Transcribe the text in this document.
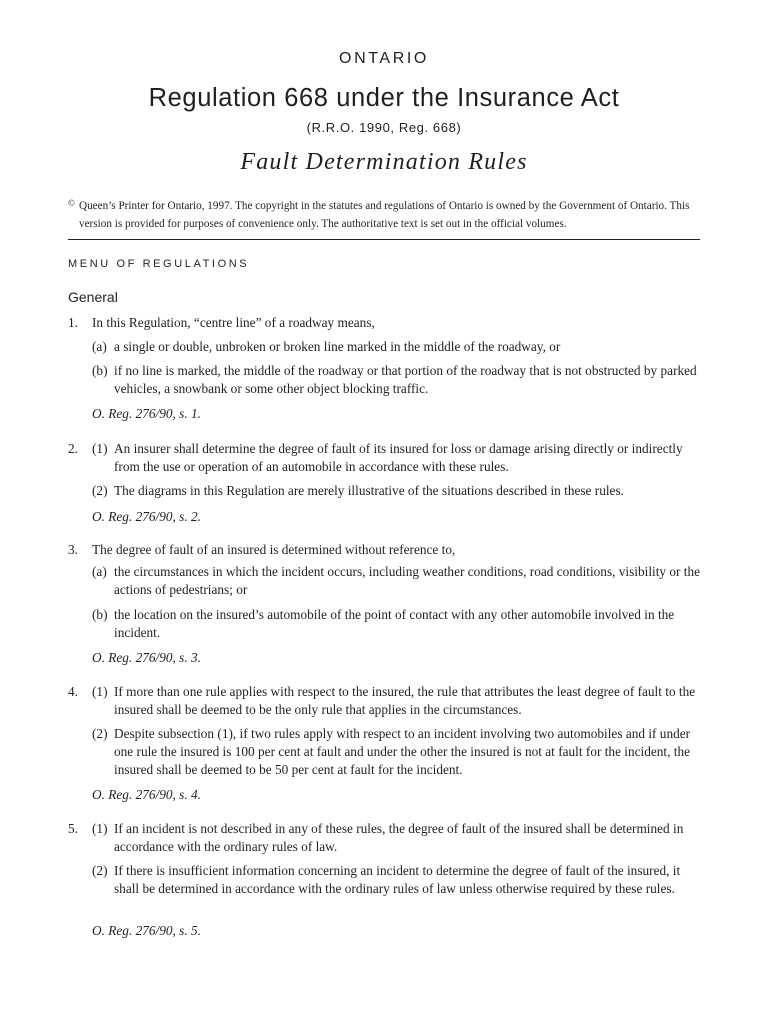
ONTARIO
Regulation 668 under the Insurance Act
(R.R.O. 1990, Reg. 668)
Fault Determination Rules
© Queen’s Printer for Ontario, 1997. The copyright in the statutes and regulations of Ontario is owned by the Government of Ontario. This version is provided for purposes of convenience only. The authoritative text is set out in the official volumes.
MENU OF REGULATIONS
General
1. In this Regulation, “centre line” of a roadway means,
(a) a single or double, unbroken or broken line marked in the middle of the roadway, or
(b) if no line is marked, the middle of the roadway or that portion of the roadway that is not obstructed by parked vehicles, a snowbank or some other object blocking traffic.
O. Reg. 276/90, s. 1.
2. (1) An insurer shall determine the degree of fault of its insured for loss or damage arising directly or indirectly from the use or operation of an automobile in accordance with these rules.
(2) The diagrams in this Regulation are merely illustrative of the situations described in these rules.
O. Reg. 276/90, s. 2.
3. The degree of fault of an insured is determined without reference to,
(a) the circumstances in which the incident occurs, including weather conditions, road conditions, visibility or the actions of pedestrians; or
(b) the location on the insured’s automobile of the point of contact with any other automobile involved in the incident.
O. Reg. 276/90, s. 3.
4. (1) If more than one rule applies with respect to the insured, the rule that attributes the least degree of fault to the insured shall be deemed to be the only rule that applies in the circumstances.
(2) Despite subsection (1), if two rules apply with respect to an incident involving two automobiles and if under one rule the insured is 100 per cent at fault and under the other the insured is not at fault for the incident, the insured shall be deemed to be 50 per cent at fault for the incident.
O. Reg. 276/90, s. 4.
5. (1) If an incident is not described in any of these rules, the degree of fault of the insured shall be determined in accordance with the ordinary rules of law.
(2) If there is insufficient information concerning an incident to determine the degree of fault of the insured, it shall be determined in accordance with the ordinary rules of law unless otherwise required by these rules.
O. Reg. 276/90, s. 5.
